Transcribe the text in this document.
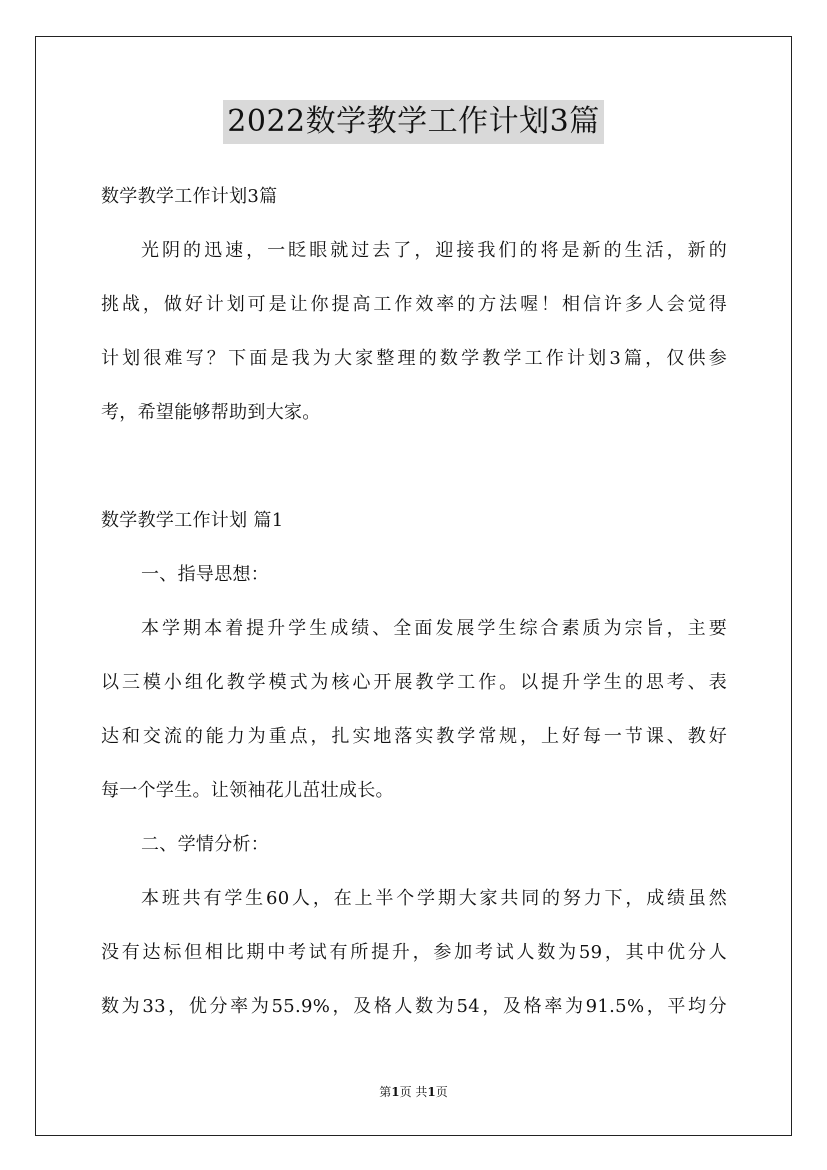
2022数学教学工作计划3篇
数学教学工作计划3篇
光阴的迅速，一眨眼就过去了，迎接我们的将是新的生活，新的
挑战，做好计划可是让你提高工作效率的方法喔！相信许多人会觉得
计划很难写？下面是我为大家整理的数学教学工作计划3篇，仅供参
考，希望能够帮助到大家。
数学教学工作计划 篇1
一、指导思想：
本学期本着提升学生成绩、全面发展学生综合素质为宗旨，主要
以三模小组化教学模式为核心开展教学工作。以提升学生的思考、表
达和交流的能力为重点，扎实地落实教学常规，上好每一节课、教好
每一个学生。让领袖花儿茁壮成长。
二、学情分析：
本班共有学生60人，在上半个学期大家共同的努力下，成绩虽然
没有达标但相比期中考试有所提升，参加考试人数为59，其中优分人
数为33，优分率为55.9%，及格人数为54，及格率为91.5%，平均分
第1页 共1页
